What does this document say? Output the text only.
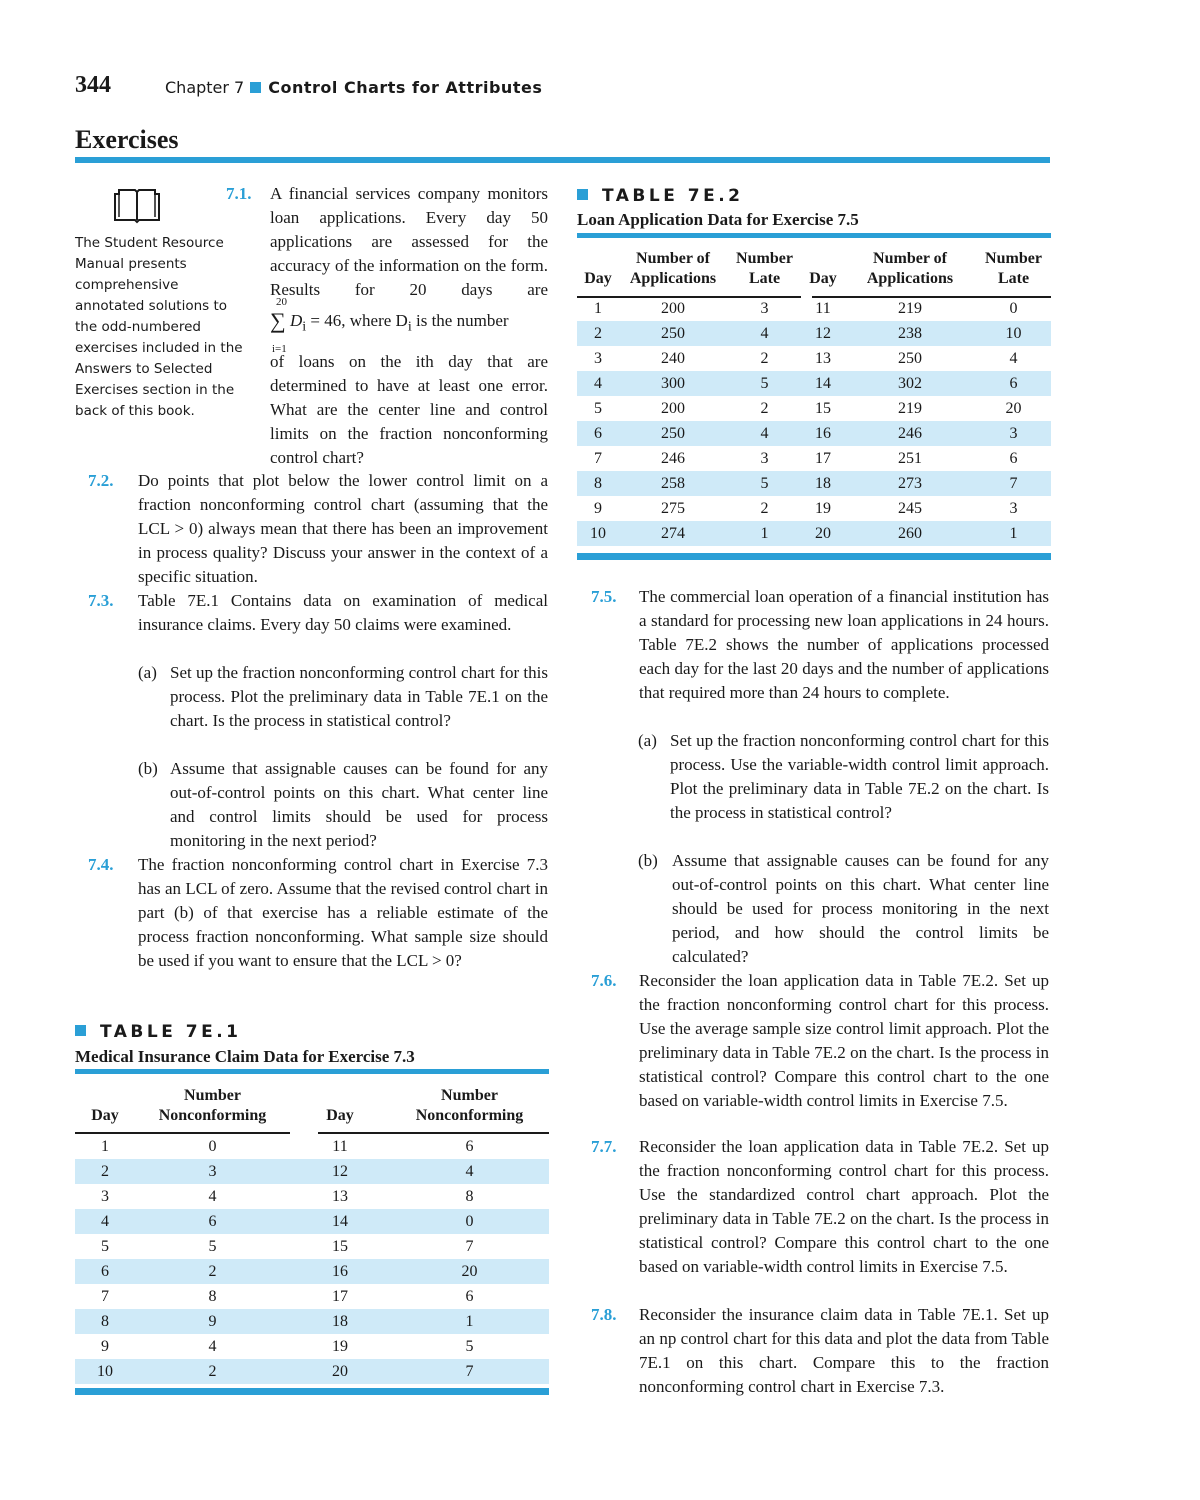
344	Chapter 7 Control Charts for Attributes
Exercises
The Student Resource Manual presents comprehensive annotated solutions to the odd-numbered exercises included in the Answers to Selected Exercises section in the back of this book.
7.1. A financial services company monitors loan applications. Every day 50 applications are assessed for the accuracy of the information on the form. Results for 20 days are
20
∑ $D_i = 46$, where $D_i$ is the number
i=1
of loans on the ith day that are determined to have at least one error. What are the center line and control limits on the fraction nonconforming control chart?
7.2. Do points that plot below the lower control limit on a fraction nonconforming control chart (assuming that the LCL > 0) always mean that there has been an improvement in process quality? Discuss your answer in the context of a specific situation.
7.3. Table 7E.1 Contains data on examination of medical insurance claims. Every day 50 claims were examined.
(a) Set up the fraction nonconforming control chart for this process. Plot the preliminary data in Table 7E.1 on the chart. Is the process in statistical control?
(b) Assume that assignable causes can be found for any out-of-control points on this chart. What center line and control limits should be used for process monitoring in the next period?
7.4. The fraction nonconforming control chart in Exercise 7.3 has an LCL of zero. Assume that the revised control chart in part (b) of that exercise has a reliable estimate of the process fraction nonconforming. What sample size should be used if you want to ensure that the LCL > 0?
TABLE 7E.1
Medical Insurance Claim Data for Exercise 7.3
Day	Number Nonconforming	Day	Number Nonconforming
1	0	11	6
2	3	12	4
3	4	13	8
4	6	14	0
5	5	15	7
6	2	16	20
7	8	17	6
8	9	18	1
9	4	19	5
10	2	20	7
TABLE 7E.2
Loan Application Data for Exercise 7.5
Day	Number of Applications	Number Late	Day	Number of Applications	Number Late
1	200	3	11	219	0
2	250	4	12	238	10
3	240	2	13	250	4
4	300	5	14	302	6
5	200	2	15	219	20
6	250	4	16	246	3
7	246	3	17	251	6
8	258	5	18	273	7
9	275	2	19	245	3
10	274	1	20	260	1
7.5. The commercial loan operation of a financial institution has a standard for processing new loan applications in 24 hours. Table 7E.2 shows the number of applications processed each day for the last 20 days and the number of applications that required more than 24 hours to complete.
(a) Set up the fraction nonconforming control chart for this process. Use the variable-width control limit approach. Plot the preliminary data in Table 7E.2 on the chart. Is the process in statistical control?
(b) Assume that assignable causes can be found for any out-of-control points on this chart. What center line should be used for process monitoring in the next period, and how should the control limits be calculated?
7.6. Reconsider the loan application data in Table 7E.2. Set up the fraction nonconforming control chart for this process. Use the average sample size control limit approach. Plot the preliminary data in Table 7E.2 on the chart. Is the process in statistical control? Compare this control chart to the one based on variable-width control limits in Exercise 7.5.
7.7. Reconsider the loan application data in Table 7E.2. Set up the fraction nonconforming control chart for this process. Use the standardized control chart approach. Plot the preliminary data in Table 7E.2 on the chart. Is the process in statistical control? Compare this control chart to the one based on variable-width control limits in Exercise 7.5.
7.8. Reconsider the insurance claim data in Table 7E.1. Set up an np control chart for this data and plot the data from Table 7E.1 on this chart. Compare this to the fraction nonconforming control chart in Exercise 7.3.
